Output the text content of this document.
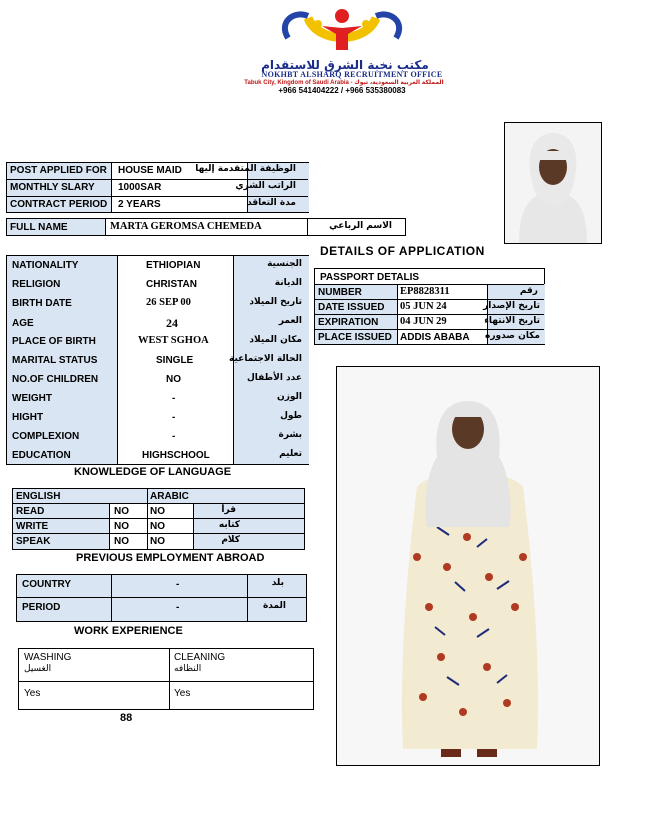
مكتب نخبة الشرق للاستقدام
NOKHBT ALSHARQ RECRUITMENT OFFICE
Tabuk City, Kingdom of Saudi Arabia - المملكة العربية السعودية، تبوك
+966 541404222 / +966 535380083
POST APPLIED FOR HOUSE MAID الوظيفة المتقدمة إليها
MONTHLY SLARY 1000SAR	الراتب الشري
CONTRACT PERIOD 2 YEARS	مدة التعاقد
FULL NAME	MARTA GEROMSA CHEMEDA	الاسم الرباعي
DETAILS OF APPLICATION
NATIONALITY	ETHIOPIAN	الجنسية
RELIGION	CHRISTAN	الديانة
BIRTH DATE	26 SEP 00	تاريخ الميلاد
AGE	24	العمر
PLACE OF BIRTH	WEST SGHOA	مكان الميلاد
MARITAL STATUS	SINGLE	الحالة الاجتماعية
NO.OF CHILDREN	NO	عدد الأطفال
WEIGHT	-	الوزن
HIGHT	-	طول
COMPLEXION	-	بشرة
EDUCATION	HIGHSCHOOL	تعليم
PASSPORT DETALIS
NUMBER	EP8828311	رقم
DATE ISSUED 05 JUN 24	تاريخ الإصدار
EXPIRATION 04 JUN 29	تاريخ الانتهاء
PLACE ISSUED ADDIS ABABA مكان صدوره
KNOWLEDGE OF LANGUAGE
ENGLISH	ARABIC
READ	NO NO	قرأ
WRITE	NO NO	كتابه
SPEAK	NO NO	كلام
PREVIOUS EMPLOYMENT ABROAD
COUNTRY	-	بلد
PERIOD	-	المدة
WORK EXPERIENCE
WASHING
الغسيل
Yes
CLEANING
النظافه
Yes
88
